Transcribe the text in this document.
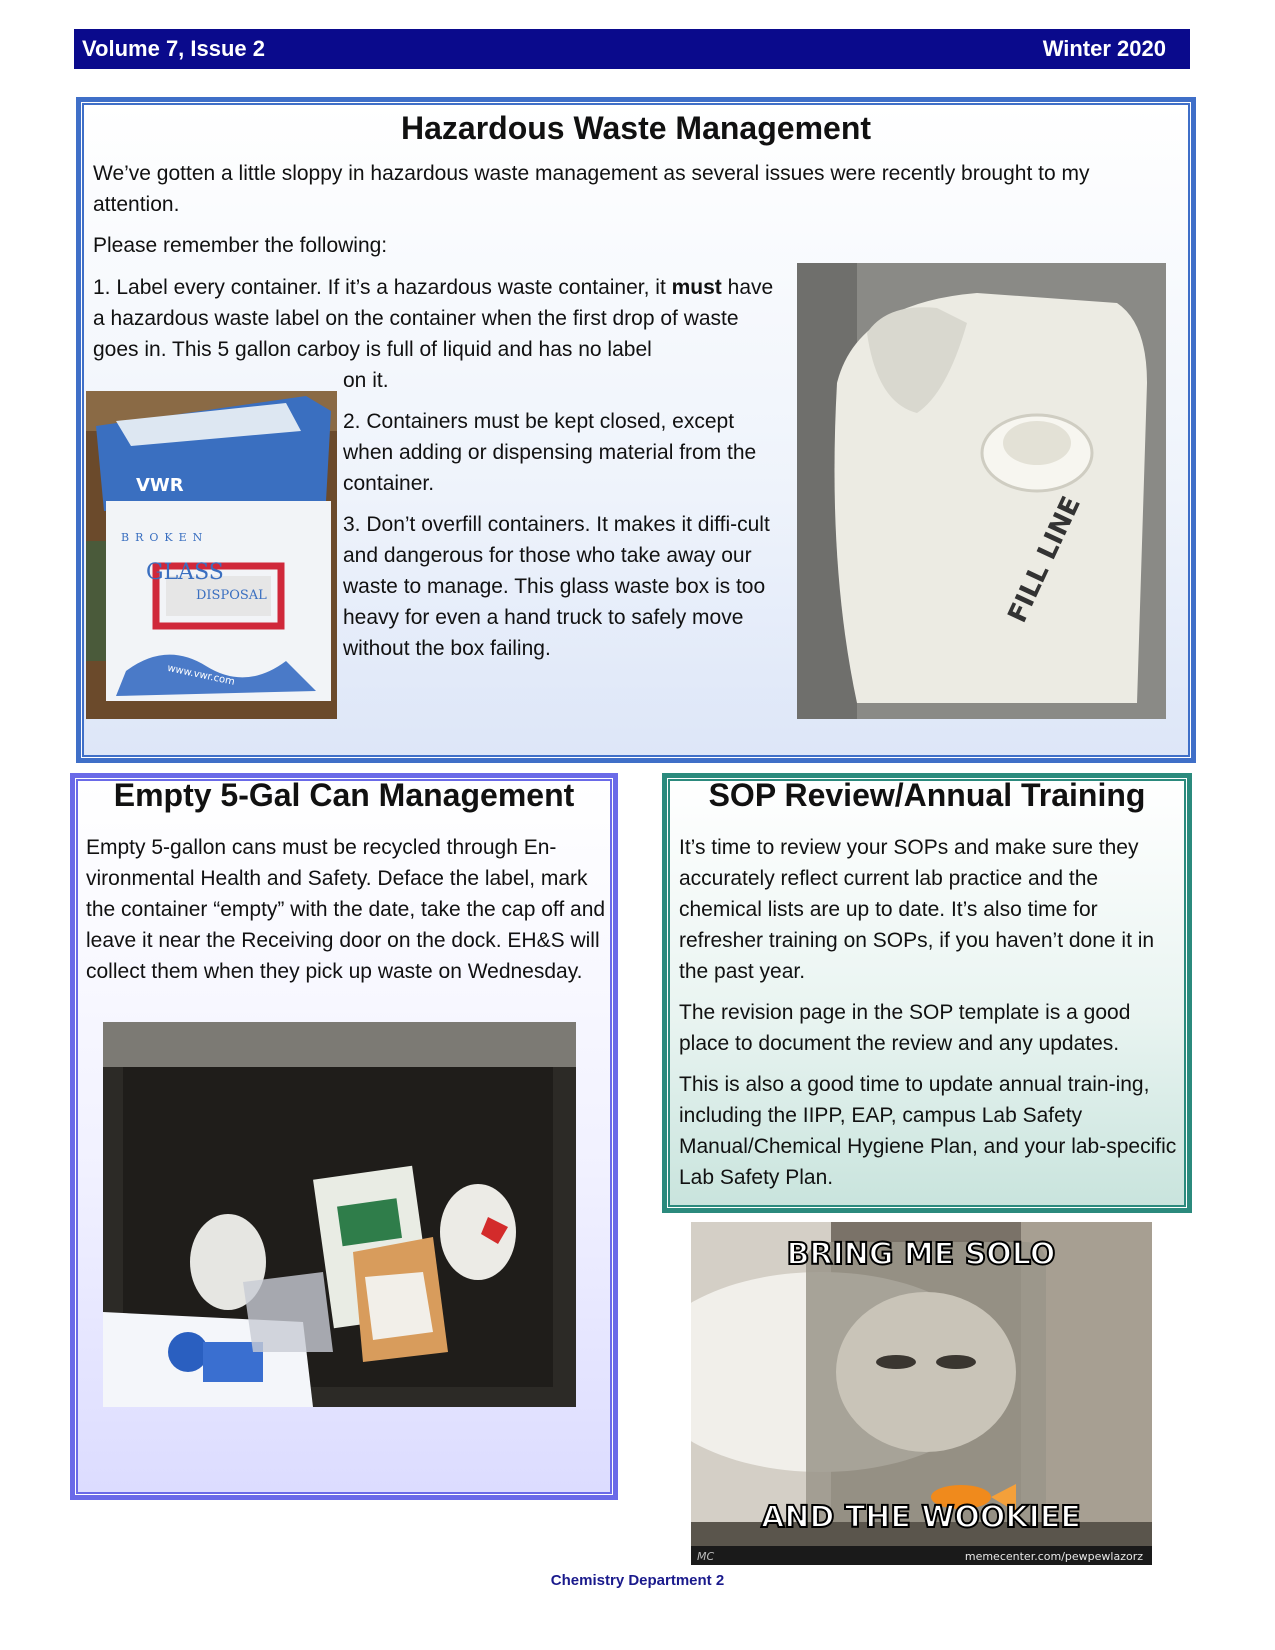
Volume 7, Issue 2	Winter 2020
Hazardous Waste Management

We’ve gotten a little sloppy in hazardous waste management as several issues were recently brought to my attention.

Please remember the following:

1. Label every container. If it’s a hazardous waste container, it must have a hazardous waste label on the container when the first drop of waste goes in. This 5 gallon carboy is full of liquid and has no label

on it.

2. Containers must be kept closed, except when adding or dispensing material from the container.

3. Don’t overfill containers. It makes it diffi-cult and dangerous for those who take away our waste to manage. This glass waste box is too heavy for even a hand truck to safely move without the box failing.

VWR
BROKEN
GLASS
DISPOSAL
www.vwr.com
FILL LINE
Empty 5-Gal Can Management
Empty 5-gallon cans must be recycled through En-vironmental Health and Safety. Deface the label, mark the container “empty” with the date, take the cap off and leave it near the Receiving door on the dock. EH&S will collect them when they pick up waste on Wednesday.
SOP Review/Annual Training

It’s time to review your SOPs and make sure they accurately reflect current lab practice and the chemical lists are up to date. It’s also time for refresher training on SOPs, if you haven’t done it in the past year.

The revision page in the SOP template is a good place to document the review and any updates.

This is also a good time to update annual train-ing, including the IIPP, EAP, campus Lab Safety Manual/Chemical Hygiene Plan, and your lab-specific Lab Safety Plan.

BRING ME SOLO
AND THE WOOKIEE
memecenter.com/pewpewlazorz
MC
Chemistry Department 2
